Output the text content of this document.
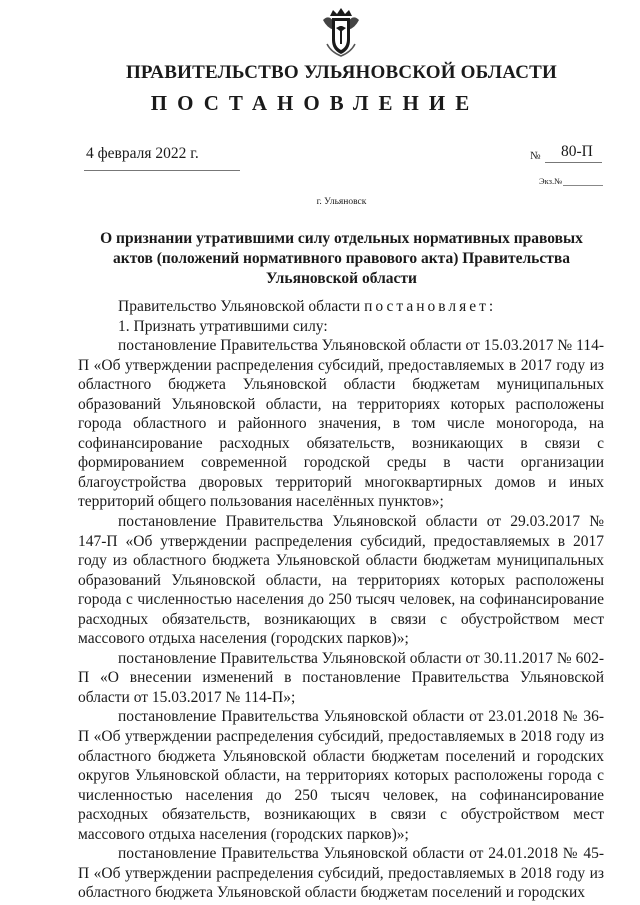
ПРАВИТЕЛЬСТВО УЛЬЯНОВСКОЙ ОБЛАСТИ
ПОСТАНОВЛЕНИЕ
4 февраля 2022 г.	№ 80-П
Экз.№
г. Ульяновск
О признании утратившими силу отдельных нормативных правовых актов (положений нормативного правового акта) Правительства Ульяновской области

Правительство Ульяновской области постановляет:

1. Признать утратившими силу:

постановление Правительства Ульяновской области от 15.03.2017 № 114-П «Об утверждении распределения субсидий, предоставляемых в 2017 году из областного бюджета Ульяновской области бюджетам муниципальных образований Ульяновской области, на территориях которых расположены города областного и районного значения, в том числе моногорода, на софинансирование расходных обязательств, возникающих в связи с формированием современной городской среды в части организации благоустройства дворовых территорий многоквартирных домов и иных территорий общего пользования населённых пунктов»;

постановление Правительства Ульяновской области от 29.03.2017 № 147-П «Об утверждении распределения субсидий, предоставляемых в 2017 году из областного бюджета Ульяновской области бюджетам муниципальных образований Ульяновской области, на территориях которых расположены города с численностью населения до 250 тысяч человек, на софинансирование расходных обязательств, возникающих в связи с обустройством мест массового отдыха населения (городских парков)»;

постановление Правительства Ульяновской области от 30.11.2017 № 602-П «О внесении изменений в постановление Правительства Ульяновской области от 15.03.2017 № 114-П»;

постановление Правительства Ульяновской области от 23.01.2018 № 36-П «Об утверждении распределения субсидий, предоставляемых в 2018 году из областного бюджета Ульяновской области бюджетам поселений и городских округов Ульяновской области, на территориях которых расположены города с численностью населения до 250 тысяч человек, на софинансирование расходных обязательств, возникающих в связи с обустройством мест массового отдыха населения (городских парков)»;

постановление Правительства Ульяновской области от 24.01.2018 № 45-П «Об утверждении распределения субсидий, предоставляемых в 2018 году из областного бюджета Ульяновской области бюджетам поселений и городских
